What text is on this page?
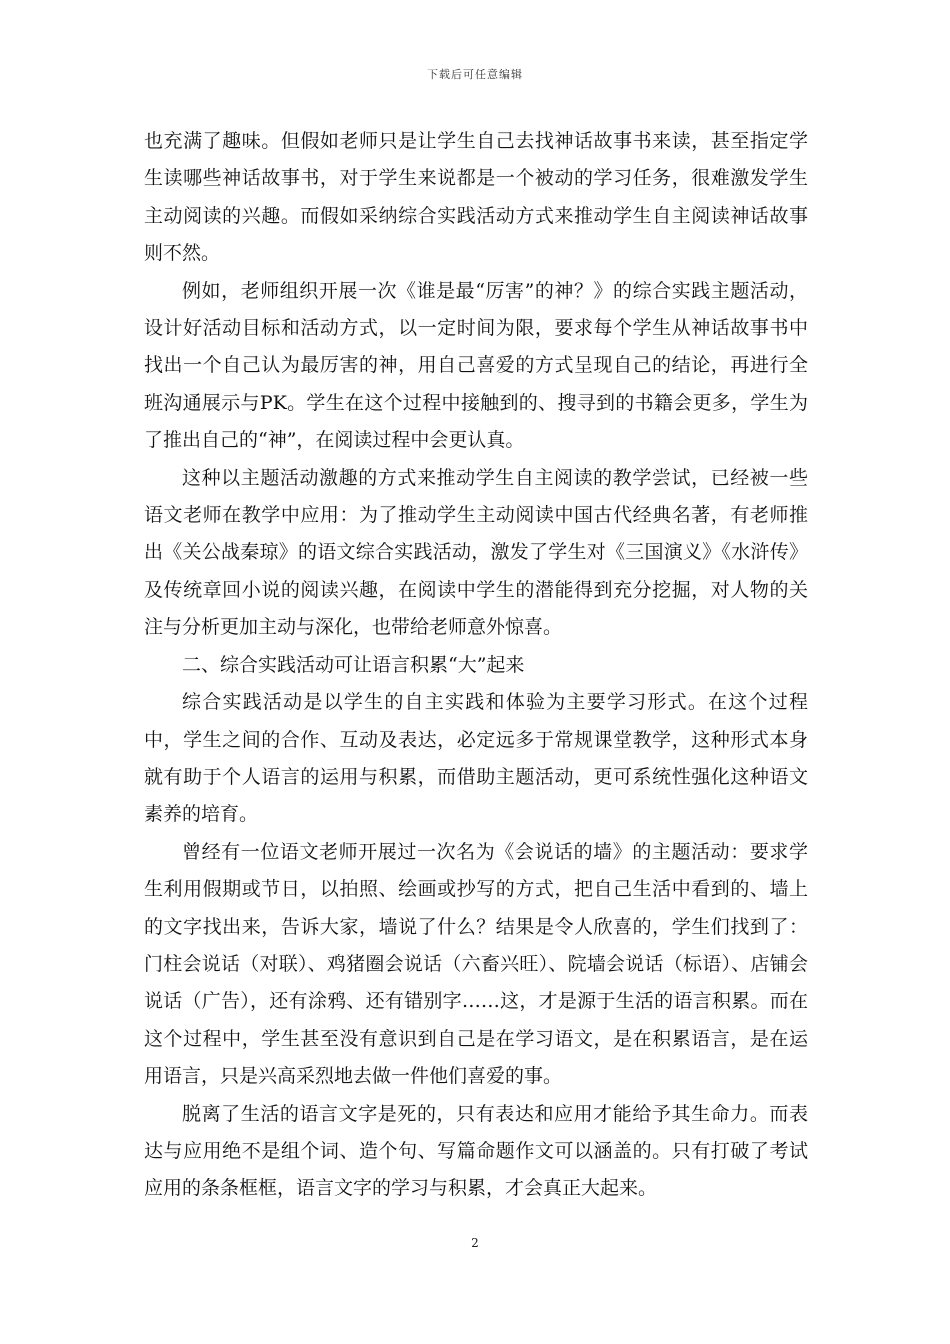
下载后可任意编辑

也充满了趣味。但假如老师只是让学生自己去找神话故事书来读，甚至指定学生读哪些神话故事书，对于学生来说都是一个被动的学习任务，很难激发学生主动阅读的兴趣。而假如采纳综合实践活动方式来推动学生自主阅读神话故事则不然。

例如，老师组织开展一次《谁是最“厉害”的神？》的综合实践主题活动，设计好活动目标和活动方式，以一定时间为限，要求每个学生从神话故事书中找出一个自己认为最厉害的神，用自己喜爱的方式呈现自己的结论，再进行全班沟通展示与PK。学生在这个过程中接触到的、搜寻到的书籍会更多，学生为了推出自己的“神”，在阅读过程中会更认真。

这种以主题活动激趣的方式来推动学生自主阅读的教学尝试，已经被一些语文老师在教学中应用：为了推动学生主动阅读中国古代经典名著，有老师推出《关公战秦琼》的语文综合实践活动，激发了学生对《三国演义》《水浒传》及传统章回小说的阅读兴趣，在阅读中学生的潜能得到充分挖掘，对人物的关注与分析更加主动与深化，也带给老师意外惊喜。

二、综合实践活动可让语言积累“大”起来

综合实践活动是以学生的自主实践和体验为主要学习形式。在这个过程中，学生之间的合作、互动及表达，必定远多于常规课堂教学，这种形式本身就有助于个人语言的运用与积累，而借助主题活动，更可系统性强化这种语文素养的培育。

曾经有一位语文老师开展过一次名为《会说话的墙》的主题活动：要求学生利用假期或节日，以拍照、绘画或抄写的方式，把自己生活中看到的、墙上的文字找出来，告诉大家，墙说了什么？结果是令人欣喜的，学生们找到了：门柱会说话（对联）、鸡猪圈会说话（六畜兴旺）、院墙会说话（标语）、店铺会说话（广告），还有涂鸦、还有错别字……这，才是源于生活的语言积累。而在这个过程中，学生甚至没有意识到自己是在学习语文，是在积累语言，是在运用语言，只是兴高采烈地去做一件他们喜爱的事。

脱离了生活的语言文字是死的，只有表达和应用才能给予其生命力。而表达与应用绝不是组个词、造个句、写篇命题作文可以涵盖的。只有打破了考试应用的条条框框，语言文字的学习与积累，才会真正大起来。

2
